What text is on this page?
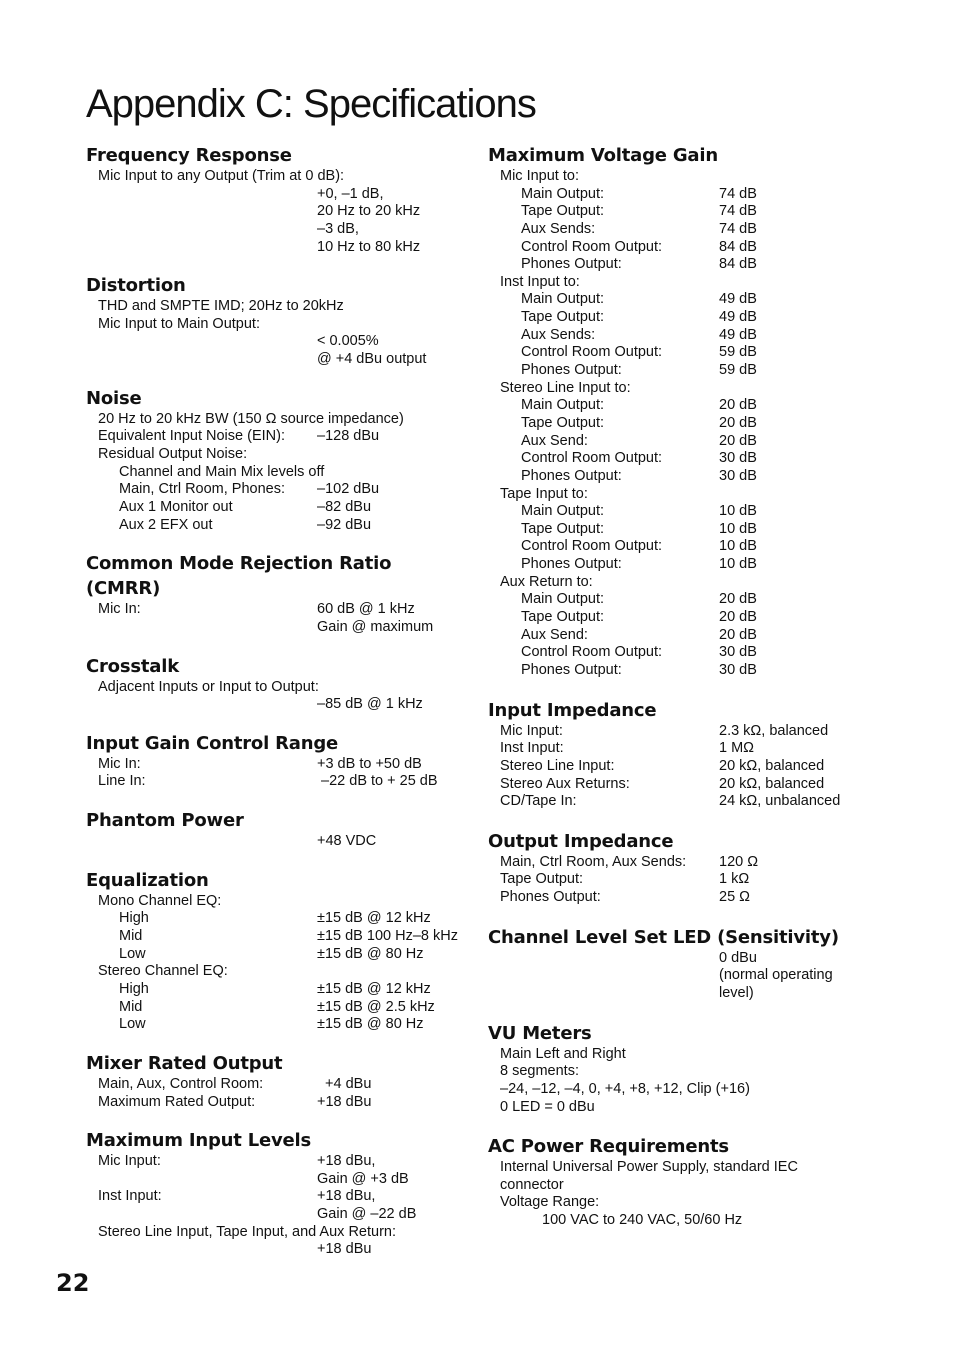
Appendix C: Specifications
Frequency Response
Mic Input to any Output (Trim at 0 dB):
+0, –1 dB,
20 Hz to 20 kHz
–3 dB,
10 Hz to 80 kHz
Distortion
THD and SMPTE IMD; 20Hz to 20kHz
Mic Input to Main Output:
< 0.005%
@ +4 dBu output
Noise
20 Hz to 20 kHz BW (150 Ω source impedance)
Equivalent Input Noise (EIN): –128 dBu
Residual Output Noise:
Channel and Main Mix levels off
Main, Ctrl Room, Phones: –102 dBu
Aux 1 Monitor out	–82 dBu
Aux 2 EFX out	–92 dBu
Common Mode Rejection Ratio
(CMRR)
Mic In:	60 dB @ 1 kHz
Gain @ maximum
Crosstalk
Adjacent Inputs or Input to Output:
–85 dB @ 1 kHz
Input Gain Control Range
Mic In:	+3 dB to +50 dB
Line In:	–22 dB to + 25 dB
Phantom Power
+48 VDC
Equalization
Mono Channel EQ:
High	±15 dB @ 12 kHz
Mid	±15 dB 100 Hz–8 kHz
Low	±15 dB @ 80 Hz
Stereo Channel EQ:
High	±15 dB @ 12 kHz
Mid	±15 dB @ 2.5 kHz
Low	±15 dB @ 80 Hz
Mixer Rated Output
Main, Aux, Control Room:	+4 dBu
Maximum Rated Output:	+18 dBu
Maximum Input Levels
Mic Input:	+18 dBu,
Gain @ +3 dB
Inst Input:	+18 dBu,
Gain @ –22 dB
Stereo Line Input, Tape Input, and Aux Return:
+18 dBu
Maximum Voltage Gain
Mic Input to:
Main Output:	74 dB
Tape Output:	74 dB
Aux Sends:	74 dB
Control Room Output:	84 dB
Phones Output:	84 dB
Inst Input to:
Main Output:	49 dB
Tape Output:	49 dB
Aux Sends:	49 dB
Control Room Output:	59 dB
Phones Output:	59 dB
Stereo Line Input to:
Main Output:	20 dB
Tape Output:	20 dB
Aux Send:	20 dB
Control Room Output:	30 dB
Phones Output:	30 dB
Tape Input to:
Main Output:	10 dB
Tape Output:	10 dB
Control Room Output:	10 dB
Phones Output:	10 dB
Aux Return to:
Main Output:	20 dB
Tape Output:	20 dB
Aux Send:	20 dB
Control Room Output:	30 dB
Phones Output:	30 dB
Input Impedance
Mic Input:	2.3 kΩ, balanced
Inst Input:	1 MΩ
Stereo Line Input:	20 kΩ, balanced
Stereo Aux Returns:	20 kΩ, balanced
CD/Tape In:	24 kΩ, unbalanced
Output Impedance
Main, Ctrl Room, Aux Sends: 120 Ω
Tape Output:	1 kΩ
Phones Output:	25 Ω
Channel Level Set LED (Sensitivity)
0 dBu
(normal operating
level)
VU Meters
Main Left and Right
8 segments:
–24, –12, –4, 0, +4, +8, +12, Clip (+16)
0 LED = 0 dBu
AC Power Requirements
Internal Universal Power Supply, standard IEC
connector
Voltage Range:
100 VAC to 240 VAC, 50/60 Hz
22
